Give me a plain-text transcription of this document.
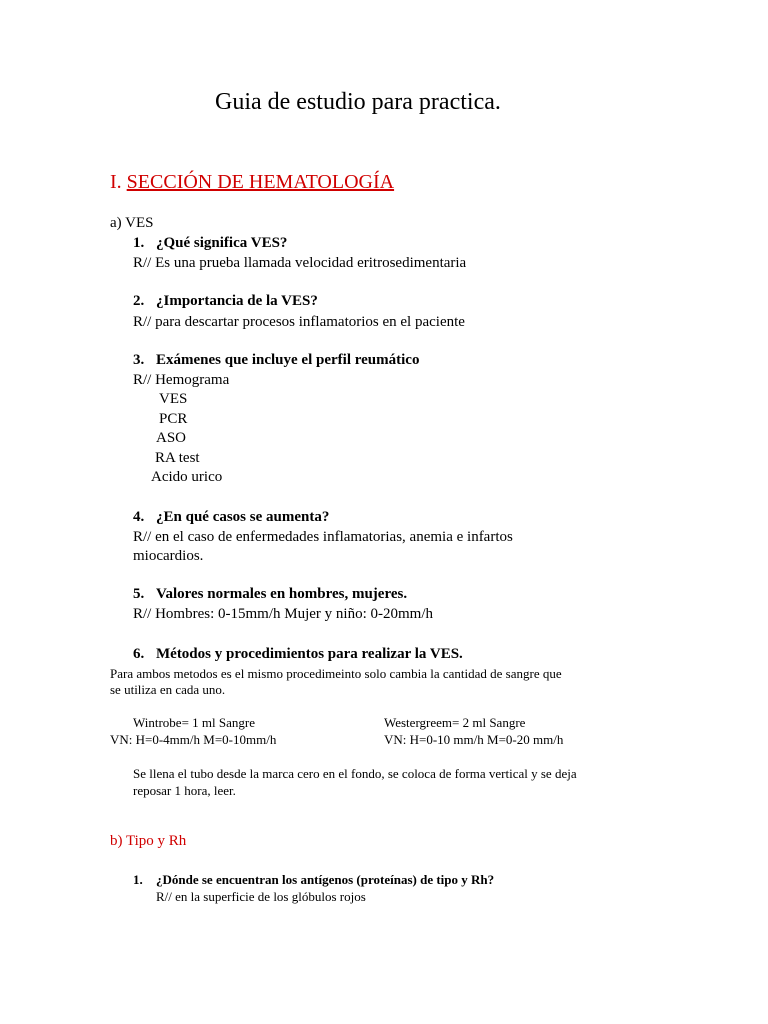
Guia de estudio para practica.
I. SECCIÓN DE HEMATOLOGÍA
a) VES
1. ¿Qué significa VES?
R// Es una prueba llamada velocidad eritrosedimentaria
2. ¿Importancia de la VES?
R// para descartar procesos inflamatorios en el paciente
3. Exámenes que incluye el perfil reumático
R// Hemograma
VES
PCR
ASO
RA test
Acido urico
4. ¿En qué casos se aumenta?
R// en el caso de enfermedades inflamatorias, anemia e infartos
miocardios.
5. Valores normales en hombres, mujeres.
R// Hombres: 0-15mm/h Mujer y niño: 0-20mm/h
6. Métodos y procedimientos para realizar la VES.
Para ambos metodos es el mismo procedimeinto solo cambia la cantidad de sangre que
se utiliza en cada uno.
Wintrobe= 1 ml Sangre
VN: H=0-4mm/h M=0-10mm/h
Westergreem= 2 ml Sangre
VN: H=0-10 mm/h M=0-20 mm/h
Se llena el tubo desde la marca cero en el fondo, se coloca de forma vertical y se deja
reposar 1 hora, leer.
b) Tipo y Rh
1. ¿Dónde se encuentran los antígenos (proteínas) de tipo y Rh?
R// en la superficie de los glóbulos rojos
